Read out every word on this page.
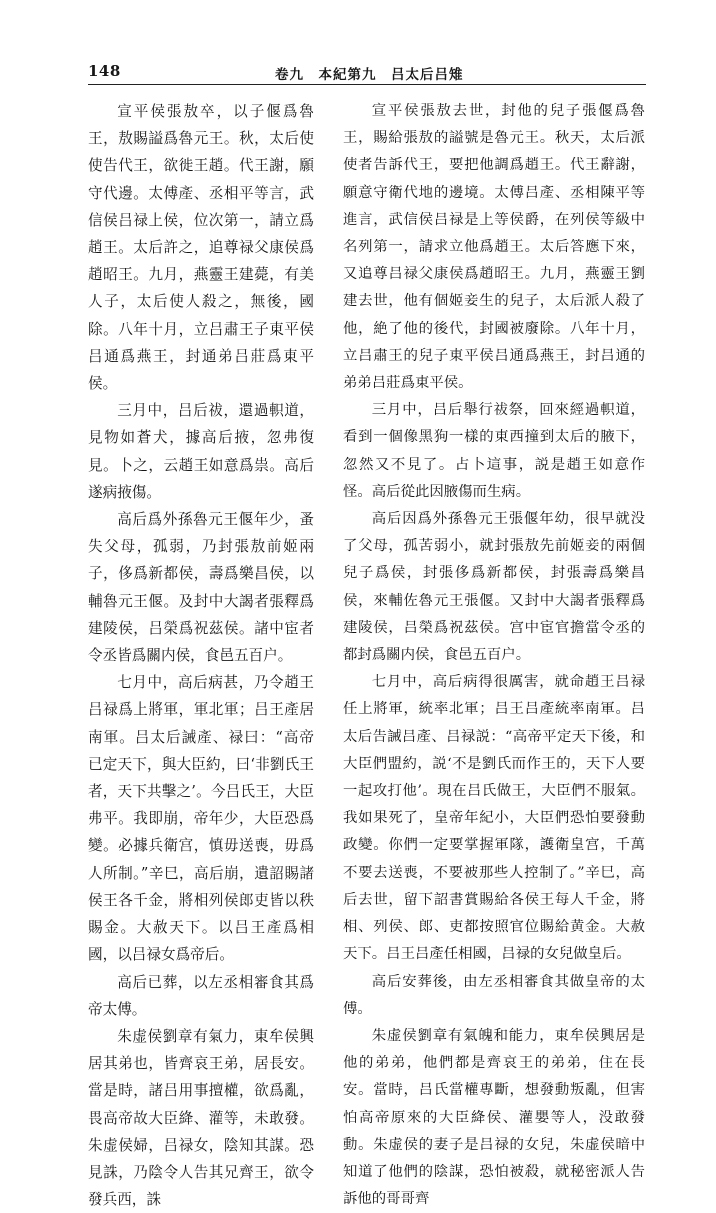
148	卷九　本紀第九　吕太后吕雉

宣平侯張敖卒，以子偃爲魯王，敖賜謚爲魯元王。秋，太后使使告代王，欲徙王趙。代王謝，願守代邊。太傅產、丞相平等言，武信侯吕禄上侯，位次第一，請立爲趙王。太后許之，追尊禄父康侯爲趙昭王。九月，燕靈王建薨，有美人子，太后使人殺之，無後，國除。八年十月，立吕肅王子東平侯吕通爲燕王，封通弟吕莊爲東平侯。

三月中，吕后祓，還過軹道，見物如蒼犬，據高后掖，忽弗復見。卜之，云趙王如意爲祟。高后遂病掖傷。

高后爲外孫魯元王偃年少，蚤失父母，孤弱，乃封張敖前姬兩子，侈爲新都侯，壽爲樂昌侯，以輔魯元王偃。及封中大謁者張釋爲建陵侯，吕榮爲祝茲侯。諸中宦者令丞皆爲關内侯，食邑五百户。

七月中，高后病甚，乃令趙王吕禄爲上將軍，軍北軍；吕王產居南軍。吕太后誡產、禄曰：“高帝已定天下，與大臣約，曰‘非劉氏王者，天下共擊之’。今吕氏王，大臣弗平。我即崩，帝年少，大臣恐爲變。必據兵衛宫，慎毋送喪，毋爲人所制。”辛巳，高后崩，遺詔賜諸侯王各千金，將相列侯郎吏皆以秩賜金。大赦天下。以吕王產爲相國，以吕禄女爲帝后。

高后已葬，以左丞相審食其爲帝太傅。

朱虚侯劉章有氣力，東牟侯興居其弟也，皆齊哀王弟，居長安。當是時，諸吕用事擅權，欲爲亂，畏高帝故大臣絳、灌等，未敢發。朱虚侯婦，吕禄女，陰知其謀。恐見誅，乃陰令人告其兄齊王，欲令發兵西，誅

宣平侯張敖去世，封他的兒子張偃爲魯王，賜給張敖的謚號是魯元王。秋天，太后派使者告訴代王，要把他調爲趙王。代王辭謝，願意守衛代地的邊境。太傅吕產、丞相陳平等進言，武信侯吕禄是上等侯爵，在列侯等級中名列第一，請求立他爲趙王。太后答應下來，又追尊吕禄父康侯爲趙昭王。九月，燕靈王劉建去世，他有個姬妾生的兒子，太后派人殺了他，絶了他的後代，封國被廢除。八年十月，立吕肅王的兒子東平侯吕通爲燕王，封吕通的弟弟吕莊爲東平侯。

三月中，吕后舉行祓祭，回來經過軹道，看到一個像黑狗一樣的東西撞到太后的腋下，忽然又不見了。占卜這事，説是趙王如意作怪。高后從此因腋傷而生病。

高后因爲外孫魯元王張偃年幼，很早就没了父母，孤苦弱小，就封張敖先前姬妾的兩個兒子爲侯，封張侈爲新都侯，封張壽爲樂昌侯，來輔佐魯元王張偃。又封中大謁者張釋爲建陵侯，吕榮爲祝茲侯。宫中宦官擔當令丞的都封爲關内侯，食邑五百户。

七月中，高后病得很厲害，就命趙王吕禄任上將軍，統率北軍；吕王吕產統率南軍。吕太后告誡吕產、吕禄説：“高帝平定天下後，和大臣們盟約，説‘不是劉氏而作王的，天下人要一起攻打他’。現在吕氏做王，大臣們不服氣。我如果死了，皇帝年紀小，大臣們恐怕要發動政變。你們一定要掌握軍隊，護衛皇宫，千萬不要去送喪，不要被那些人控制了。”辛巳，高后去世，留下詔書賞賜給各侯王每人千金，將相、列侯、郎、吏都按照官位賜給黄金。大赦天下。吕王吕產任相國，吕禄的女兒做皇后。

高后安葬後，由左丞相審食其做皇帝的太傅。

朱虚侯劉章有氣魄和能力，東牟侯興居是他的弟弟，他們都是齊哀王的弟弟，住在長安。當時，吕氏當權專斷，想發動叛亂，但害怕高帝原來的大臣絳侯、灌嬰等人，没敢發動。朱虚侯的妻子是吕禄的女兒，朱虚侯暗中知道了他們的陰謀，恐怕被殺，就秘密派人告訴他的哥哥齊
